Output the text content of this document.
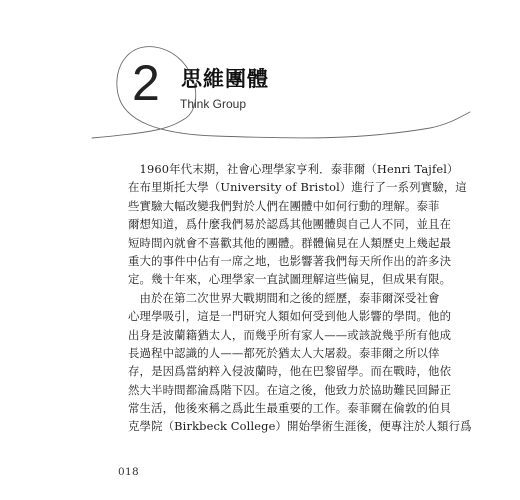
2 思維團體
Think Group
　1960年代末期，社會心理學家亨利．泰菲爾（Henri Tajfel）
在布里斯托大學（University of Bristol）進行了一系列實驗，這
些實驗大幅改變我們對於人們在團體中如何行動的理解。泰菲
爾想知道，爲什麼我們易於認爲其他團體與自己人不同，並且在
短時間內就會不喜歡其他的團體。群體偏見在人類歷史上幾起最
重大的事件中佔有一席之地，也影響著我們每天所作出的許多決
定。幾十年來，心理學家一直試圖理解這些偏見，但成果有限。
　由於在第二次世界大戰期間和之後的經歷，泰菲爾深受社會
心理學吸引，這是一門研究人類如何受到他人影響的學問。他的
出身是波蘭籍猶太人，而幾乎所有家人——或該說幾乎所有他成
長過程中認識的人——都死於猶太人大屠殺。泰菲爾之所以倖
存，是因爲當納粹入侵波蘭時，他在巴黎留學。而在戰時，他依
然大半時間都淪爲階下囚。在這之後，他致力於協助難民回歸正
常生活，他後來稱之爲此生最重要的工作。泰菲爾在倫敦的伯貝
克學院（Birkbeck College）開始學術生涯後，便專注於人類行爲
018
